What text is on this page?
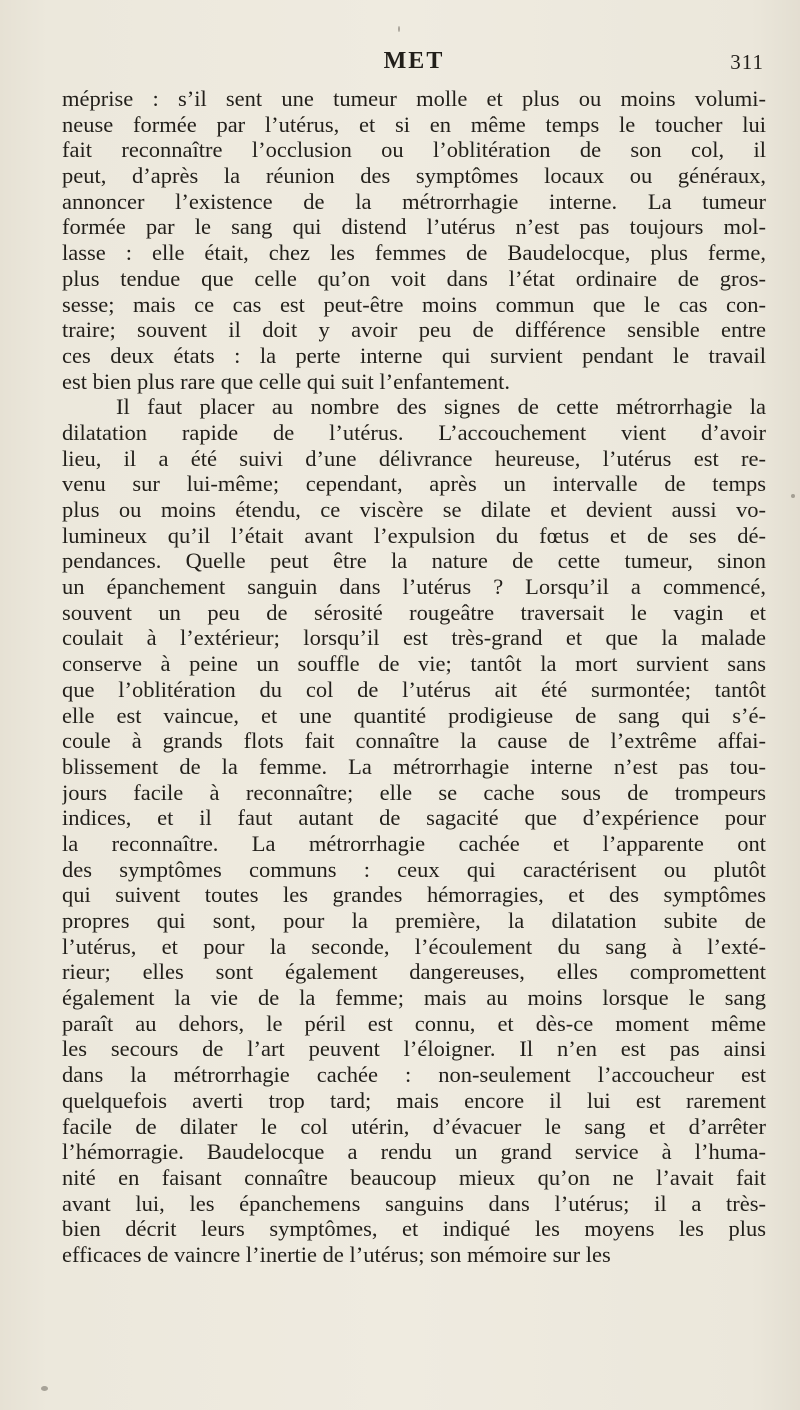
MET	311
méprise : s’il sent une tumeur molle et plus ou moins volumi-
neuse formée par l’utérus, et si en même temps le toucher lui
fait reconnaître l’occlusion ou l’oblitération de son col, il
peut, d’après la réunion des symptômes locaux ou généraux,
annoncer l’existence de la métrorrhagie interne. La tumeur
formée par le sang qui distend l’utérus n’est pas toujours mol-
lasse : elle était, chez les femmes de Baudelocque, plus ferme,
plus tendue que celle qu’on voit dans l’état ordinaire de gros-
sesse; mais ce cas est peut-être moins commun que le cas con-
traire; souvent il doit y avoir peu de différence sensible entre
ces deux états : la perte interne qui survient pendant le travail
est bien plus rare que celle qui suit l’enfantement.
Il faut placer au nombre des signes de cette métrorrhagie la
dilatation rapide de l’utérus. L’accouchement vient d’avoir
lieu, il a été suivi d’une délivrance heureuse, l’utérus est re-
venu sur lui-même; cependant, après un intervalle de temps
plus ou moins étendu, ce viscère se dilate et devient aussi vo-
lumineux qu’il l’était avant l’expulsion du fœtus et de ses dé-
pendances. Quelle peut être la nature de cette tumeur, sinon
un épanchement sanguin dans l’utérus ? Lorsqu’il a commencé,
souvent un peu de sérosité rougeâtre traversait le vagin et
coulait à l’extérieur; lorsqu’il est très-grand et que la malade
conserve à peine un souffle de vie; tantôt la mort survient sans
que l’oblitération du col de l’utérus ait été surmontée; tantôt
elle est vaincue, et une quantité prodigieuse de sang qui s’é-
coule à grands flots fait connaître la cause de l’extrême affai-
blissement de la femme. La métrorrhagie interne n’est pas tou-
jours facile à reconnaître; elle se cache sous de trompeurs
indices, et il faut autant de sagacité que d’expérience pour
la reconnaître. La métrorrhagie cachée et l’apparente ont
des symptômes communs : ceux qui caractérisent ou plutôt
qui suivent toutes les grandes hémorragies, et des symptômes
propres qui sont, pour la première, la dilatation subite de
l’utérus, et pour la seconde, l’écoulement du sang à l’exté-
rieur; elles sont également dangereuses, elles compromettent
également la vie de la femme; mais au moins lorsque le sang
paraît au dehors, le péril est connu, et dès-ce moment même
les secours de l’art peuvent l’éloigner. Il n’en est pas ainsi
dans la métrorrhagie cachée : non-seulement l’accoucheur est
quelquefois averti trop tard; mais encore il lui est rarement
facile de dilater le col utérin, d’évacuer le sang et d’arrêter
l’hémorragie. Baudelocque a rendu un grand service à l’huma-
nité en faisant connaître beaucoup mieux qu’on ne l’avait fait
avant lui, les épanchemens sanguins dans l’utérus; il a très-
bien décrit leurs symptômes, et indiqué les moyens les plus
efficaces de vaincre l’inertie de l’utérus; son mémoire sur les
